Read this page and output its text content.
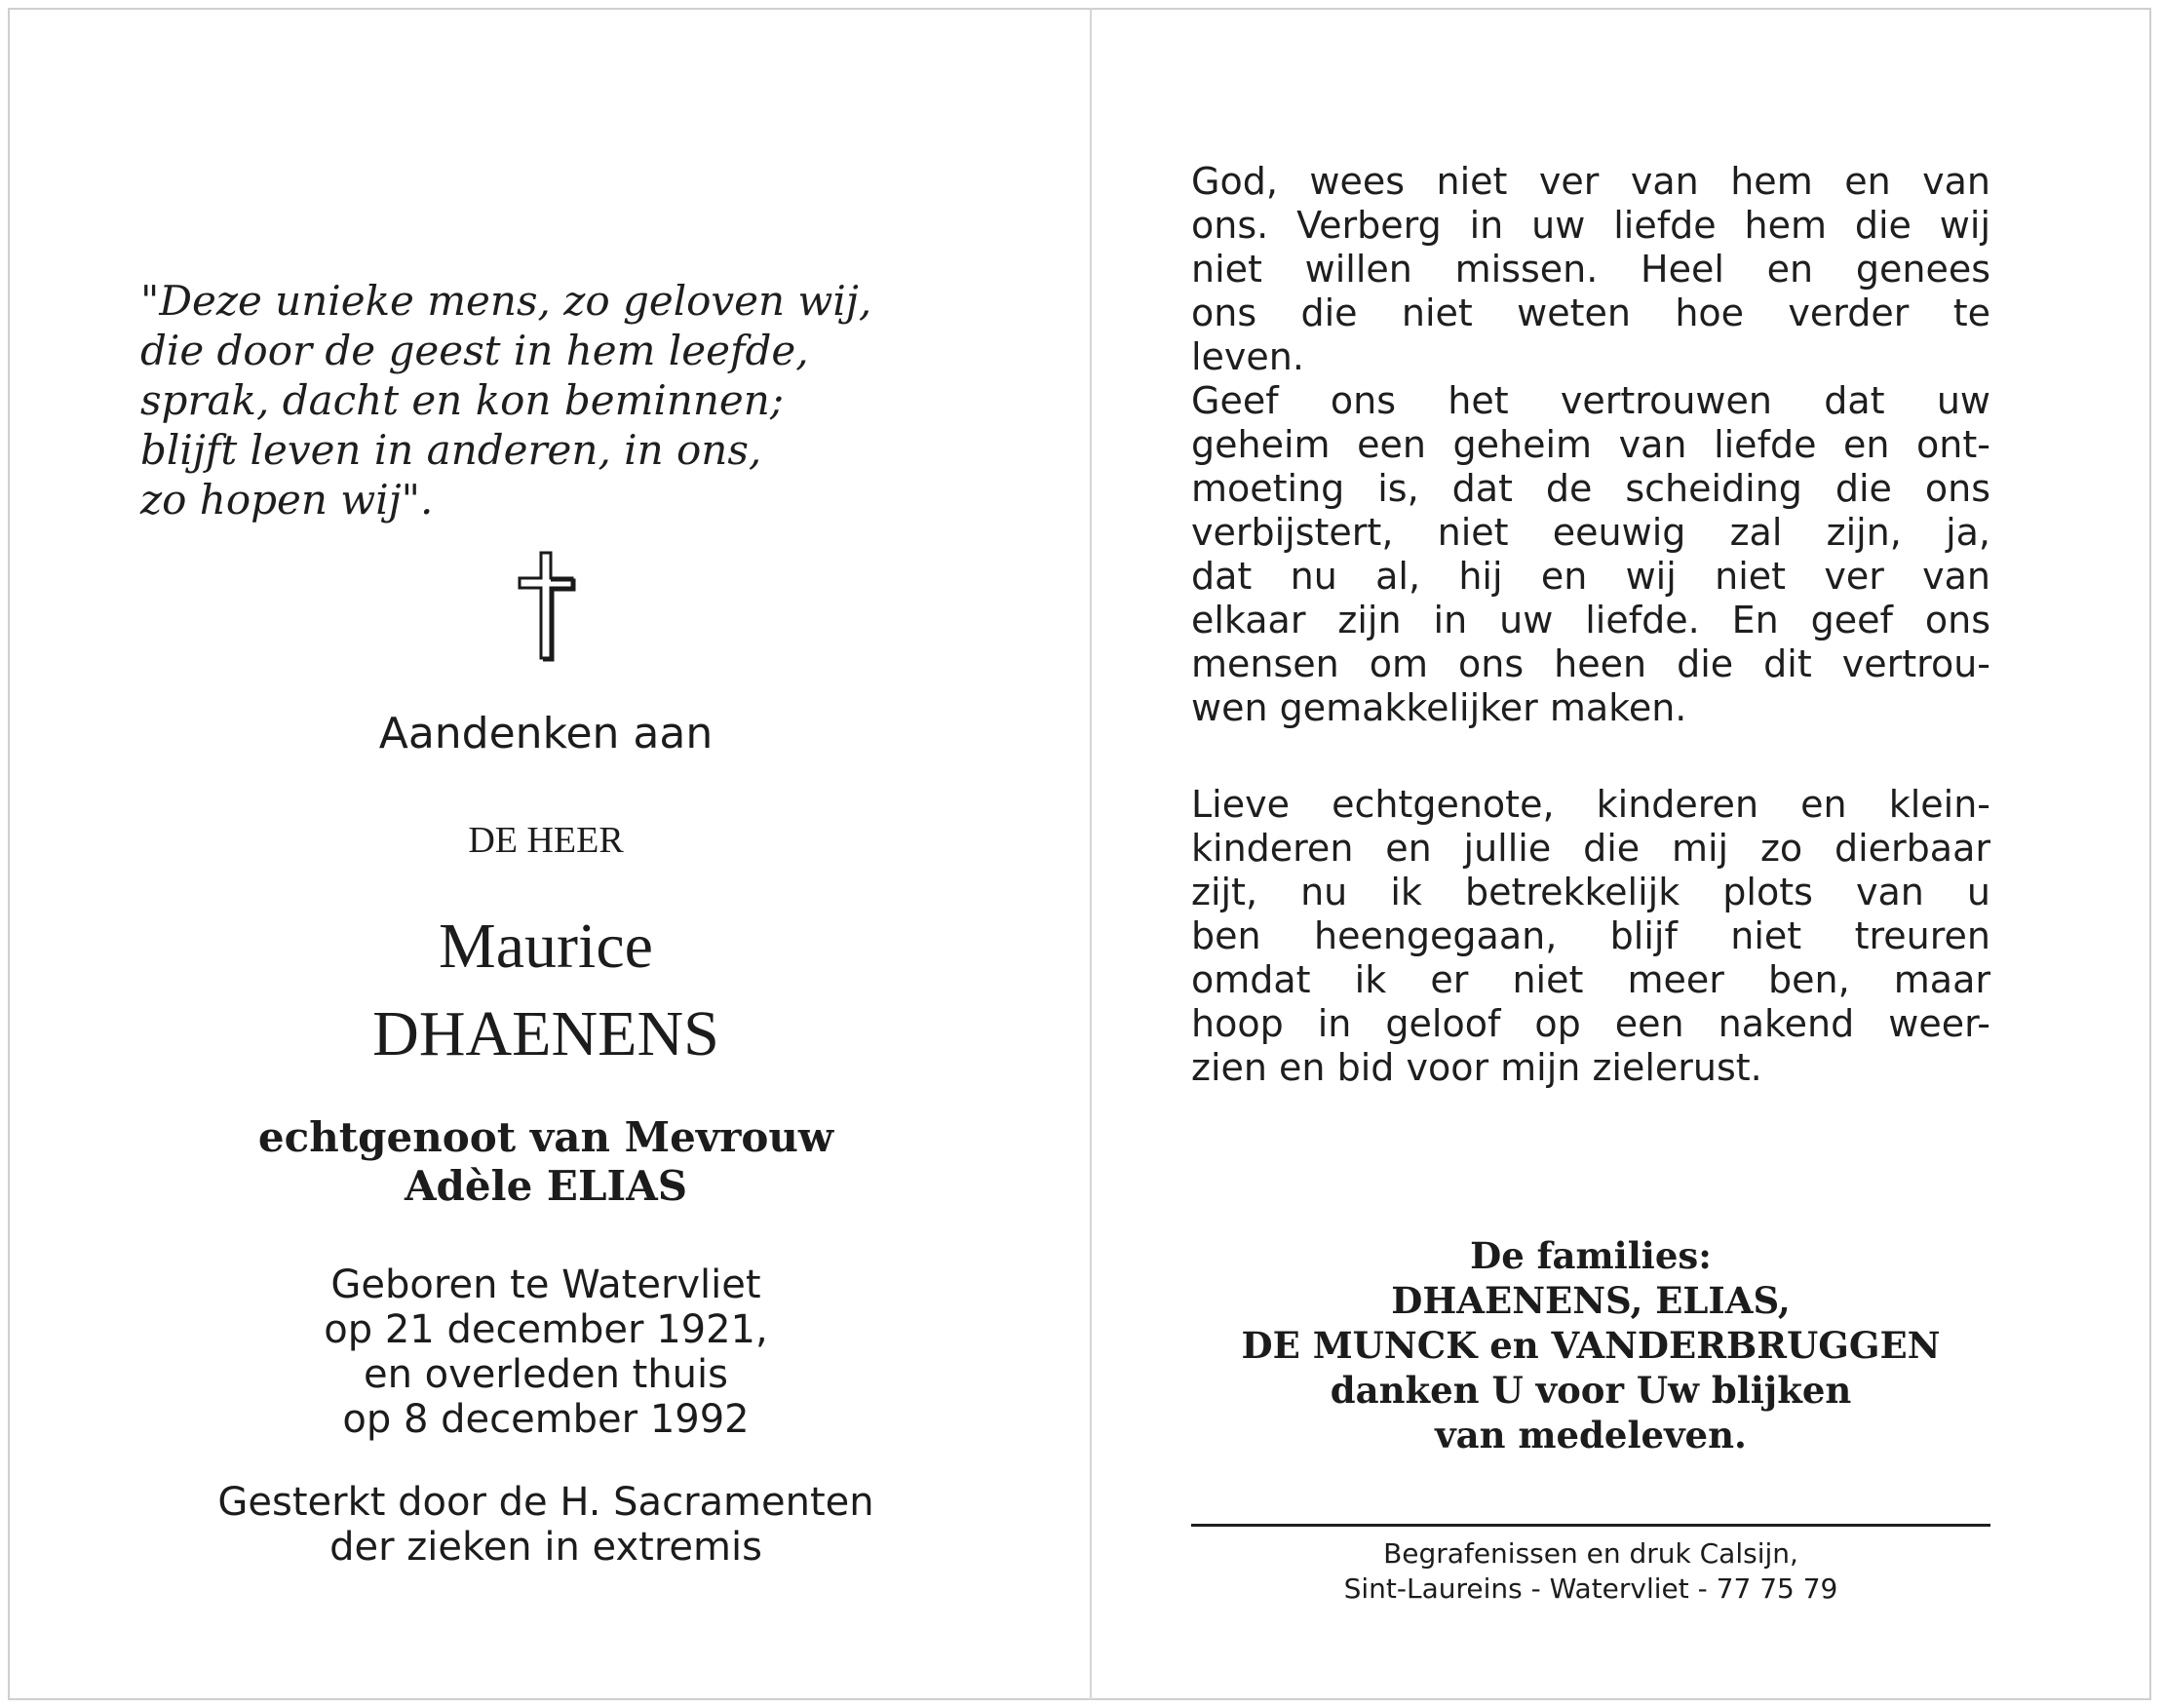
"Deze unieke mens, zo geloven wij,
die door de geest in hem leefde,
sprak, dacht en kon beminnen;
blijft leven in anderen, in ons,
zo hopen wij".
Aandenken aan
DE HEER
Maurice
DHAENENS
echtgenoot van Mevrouw
Adèle ELIAS
Geboren te Watervliet
op 21 december 1921,
en overleden thuis
op 8 december 1992
Gesterkt door de H. Sacramenten
der zieken in extremis
God, wees niet ver van hem en van
ons. Verberg in uw liefde hem die wij
niet willen missen. Heel en genees
ons die niet weten hoe verder te
leven.
Geef ons het vertrouwen dat uw
geheim een geheim van liefde en ont-
moeting is, dat de scheiding die ons
verbijstert, niet eeuwig zal zijn, ja,
dat nu al, hij en wij niet ver van
elkaar zijn in uw liefde. En geef ons
mensen om ons heen die dit vertrou-
wen gemakkelijker maken.
Lieve echtgenote, kinderen en klein-
kinderen en jullie die mij zo dierbaar
zijt, nu ik betrekkelijk plots van u
ben heengegaan, blijf niet treuren
omdat ik er niet meer ben, maar
hoop in geloof op een nakend weer-
zien en bid voor mijn zielerust.
De families:
DHAENENS, ELIAS,
DE MUNCK en VANDERBRUGGEN
danken U voor Uw blijken
van medeleven.
Begrafenissen en druk Calsijn,
Sint-Laureins - Watervliet - 77 75 79
